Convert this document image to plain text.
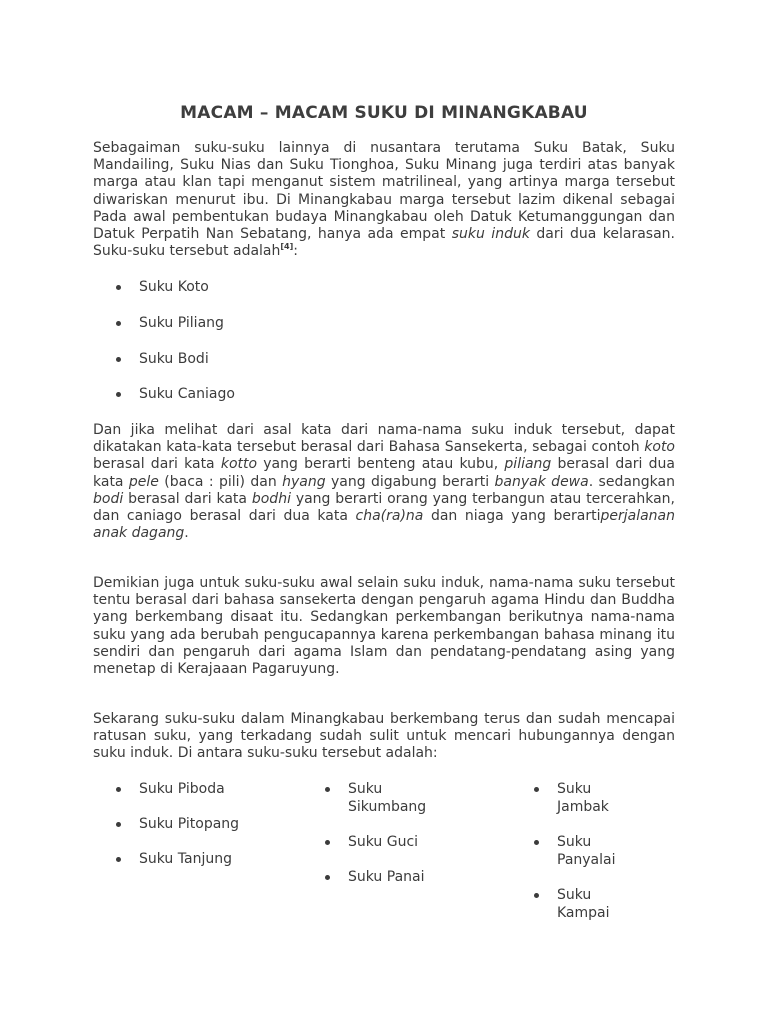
MACAM – MACAM SUKU DI MINANGKABAU

Sebagaiman suku-suku lainnya di nusantara terutama Suku Batak, Suku Mandailing, Suku Nias dan Suku Tionghoa, Suku Minang juga terdiri atas banyak marga atau klan tapi menganut sistem matrilineal, yang artinya marga tersebut diwariskan menurut ibu. Di Minangkabau marga tersebut lazim dikenal sebagai Pada awal pembentukan budaya Minangkabau oleh Datuk Ketumanggungan dan Datuk Perpatih Nan Sebatang, hanya ada empat suku induk dari dua kelarasan. Suku-suku tersebut adalah[4]:

Suku Koto
Suku Piliang
Suku Bodi
Suku Caniago

Dan jika melihat dari asal kata dari nama-nama suku induk tersebut, dapat dikatakan kata-kata tersebut berasal dari Bahasa Sansekerta, sebagai contoh koto berasal dari kata kotto yang berarti benteng atau kubu, piliang berasal dari dua kata pele (baca : pili) dan hyang yang digabung berarti banyak dewa. sedangkan bodi berasal dari kata bodhi yang berarti orang yang terbangun atau tercerahkan, dan caniago berasal dari dua kata cha(ra)na dan niaga yang berartiperjalanan anak dagang.

Demikian juga untuk suku-suku awal selain suku induk, nama-nama suku tersebut tentu berasal dari bahasa sansekerta dengan pengaruh agama Hindu dan Buddha yang berkembang disaat itu. Sedangkan perkembangan berikutnya nama-nama suku yang ada berubah pengucapannya karena perkembangan bahasa minang itu sendiri dan pengaruh dari agama Islam dan pendatang-pendatang asing yang menetap di Kerajaaan Pagaruyung.

Sekarang suku-suku dalam Minangkabau berkembang terus dan sudah mencapai ratusan suku, yang terkadang sudah sulit untuk mencari hubungannya dengan suku induk. Di antara suku-suku tersebut adalah:

Suku Piboda
Suku Pitopang
Suku Tanjung
Suku Sikumbang
Suku Guci
Suku Panai
Suku Jambak
Suku Panyalai
Suku Kampai
